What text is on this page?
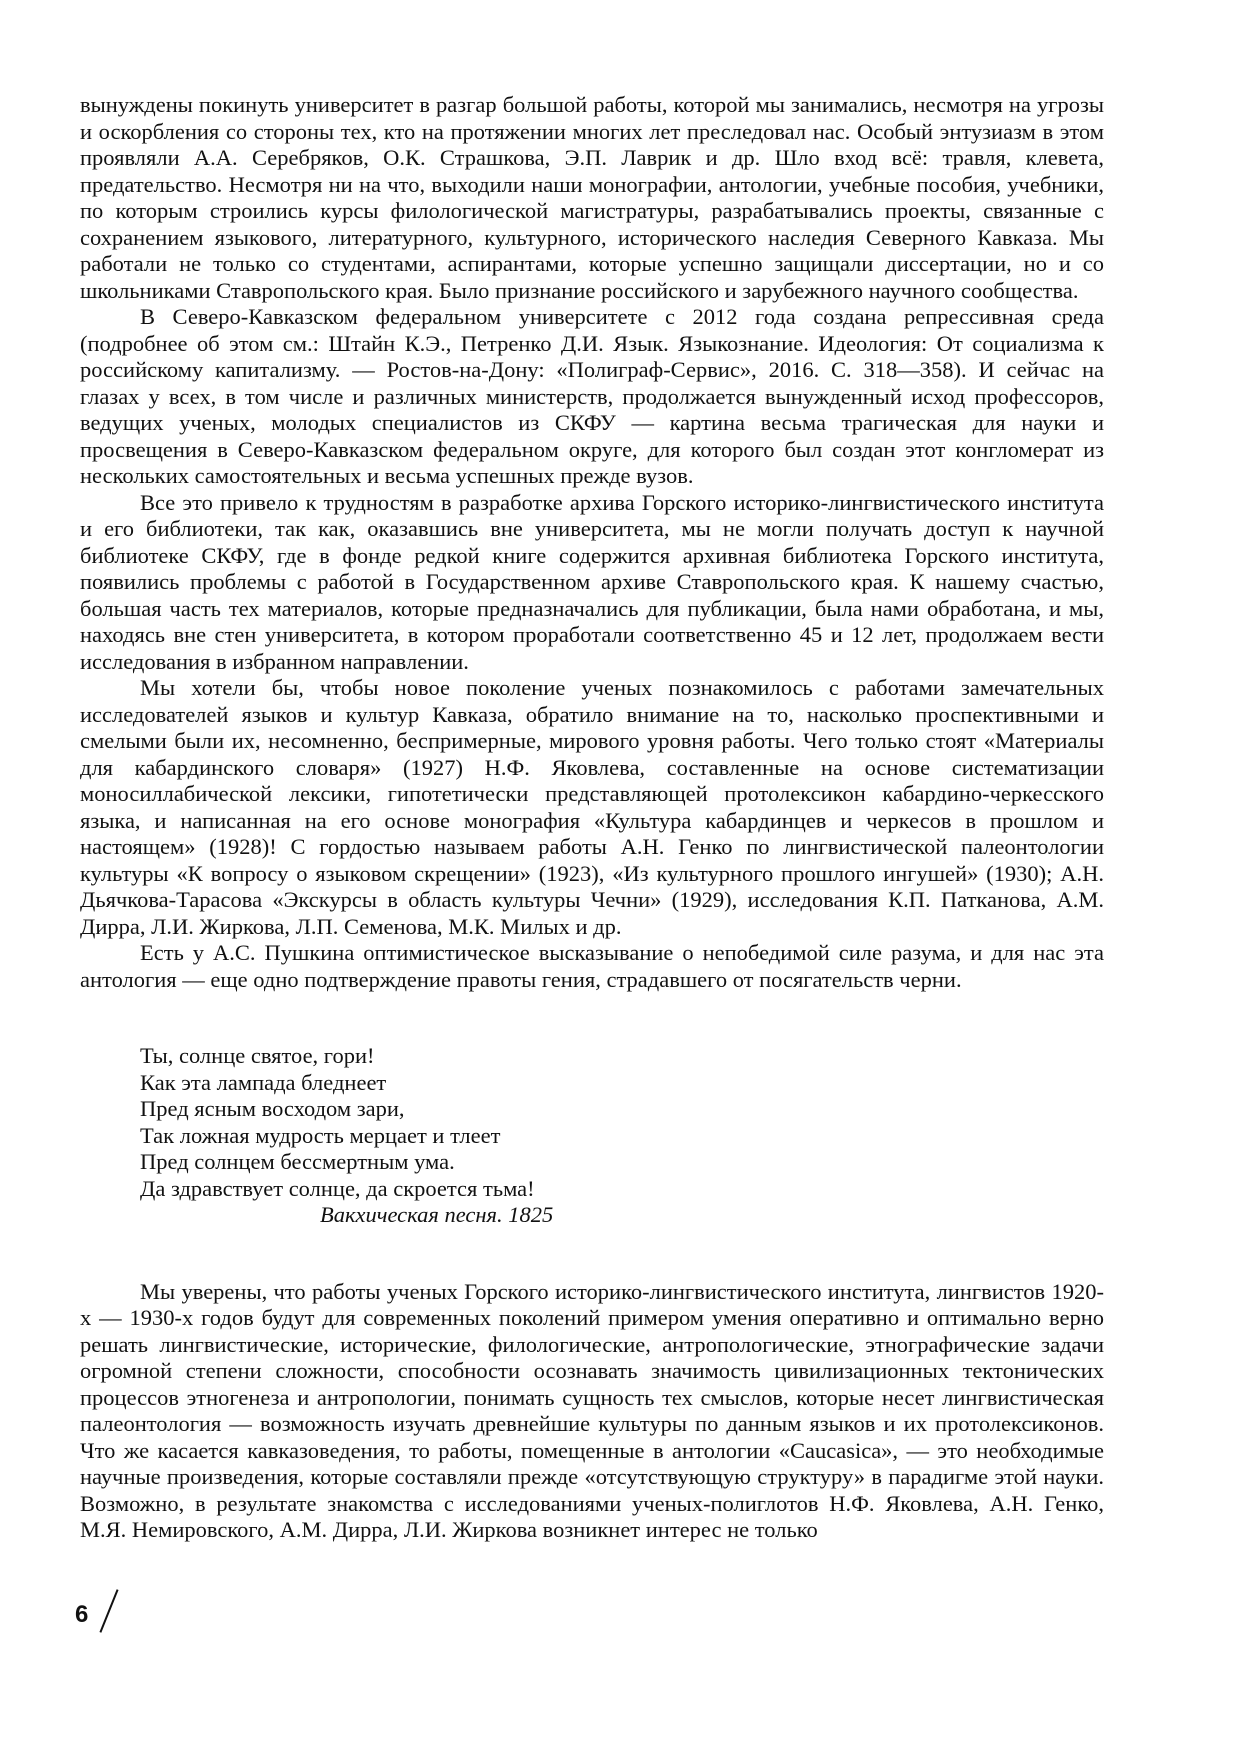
вынуждены покинуть университет в разгар большой работы, которой мы занимались, несмотря на угрозы и оскорбления со стороны тех, кто на протяжении многих лет преследовал нас. Особый энтузиазм в этом проявляли А.А. Серебряков, О.К. Страшкова, Э.П. Лаврик и др. Шло вход всё: травля, клевета, предательство. Несмотря ни на что, выходили наши монографии, антологии, учебные пособия, учебники, по которым строились курсы филологической магистратуры, разрабатывались проекты, связанные с сохранением языкового, литературного, культурного, исторического наследия Северного Кавказа. Мы работали не только со студентами, аспирантами, которые успешно защищали диссертации, но и со школьниками Ставропольского края. Было признание российского и зарубежного научного сообщества.

В Северо-Кавказском федеральном университете с 2012 года создана репрессивная среда (подробнее об этом см.: Штайн К.Э., Петренко Д.И. Язык. Языкознание. Идеология: От социализма к российскому капитализму. — Ростов-на-Дону: «Полиграф-Сервис», 2016. С. 318—358). И сейчас на глазах у всех, в том числе и различных министерств, продолжается вынужденный исход профессоров, ведущих ученых, молодых специалистов из СКФУ — картина весьма трагическая для науки и просвещения в Северо-Кавказском федеральном округе, для которого был создан этот конгломерат из нескольких самостоятельных и весьма успешных прежде вузов.

Все это привело к трудностям в разработке архива Горского историко-лингвистического института и его библиотеки, так как, оказавшись вне университета, мы не могли получать доступ к научной библиотеке СКФУ, где в фонде редкой книге содержится архивная библиотека Горского института, появились проблемы с работой в Государственном архиве Ставропольского края. К нашему счастью, большая часть тех материалов, которые предназначались для публикации, была нами обработана, и мы, находясь вне стен университета, в котором проработали соответственно 45 и 12 лет, продолжаем вести исследования в избранном направлении.

Мы хотели бы, чтобы новое поколение ученых познакомилось с работами замечательных исследователей языков и культур Кавказа, обратило внимание на то, насколько проспективными и смелыми были их, несомненно, беспримерные, мирового уровня работы. Чего только стоят «Материалы для кабардинского словаря» (1927) Н.Ф. Яковлева, составленные на основе систематизации моносиллабической лексики, гипотетически представляющей протолексикон кабардино-черкесского языка, и написанная на его основе монография «Культура кабардинцев и черкесов в прошлом и настоящем» (1928)! С гордостью называем работы А.Н. Генко по лингвистической палеонтологии культуры «К вопросу о языковом скрещении» (1923), «Из культурного прошлого ингушей» (1930); А.Н. Дьячкова-Тарасова «Экскурсы в область культуры Чечни» (1929), исследования К.П. Патканова, А.М. Дирра, Л.И. Жиркова, Л.П. Семенова, М.К. Милых и др.

Есть у А.С. Пушкина оптимистическое высказывание о непобедимой силе разума, и для нас эта антология — еще одно подтверждение правоты гения, страдавшего от посягательств черни.

Ты, солнце святое, гори!
Как эта лампада бледнеет
Пред ясным восходом зари,
Так ложная мудрость мерцает и тлеет
Пред солнцем бессмертным ума.
Да здравствует солнце, да скроется тьма!
Вакхическая песня. 1825

Мы уверены, что работы ученых Горского историко-лингвистического института, лингвистов 1920-х — 1930-х годов будут для современных поколений примером умения оперативно и оптимально верно решать лингвистические, исторические, филологические, антропологические, этнографические задачи огромной степени сложности, способности осознавать значимость цивилизационных тектонических процессов этногенеза и антропологии, понимать сущность тех смыслов, которые несет лингвистическая палеонтология — возможность изучать древнейшие культуры по данным языков и их протолексиконов. Что же касается кавказоведения, то работы, помещенные в антологии «Caucasica», — это необходимые научные произведения, которые составляли прежде «отсутствующую структуру» в парадигме этой науки. Возможно, в результате знакомства с исследованиями ученых-полиглотов Н.Ф. Яковлева, А.Н. Генко, М.Я. Немировского, А.М. Дирра, Л.И. Жиркова возникнет интерес не только

6
